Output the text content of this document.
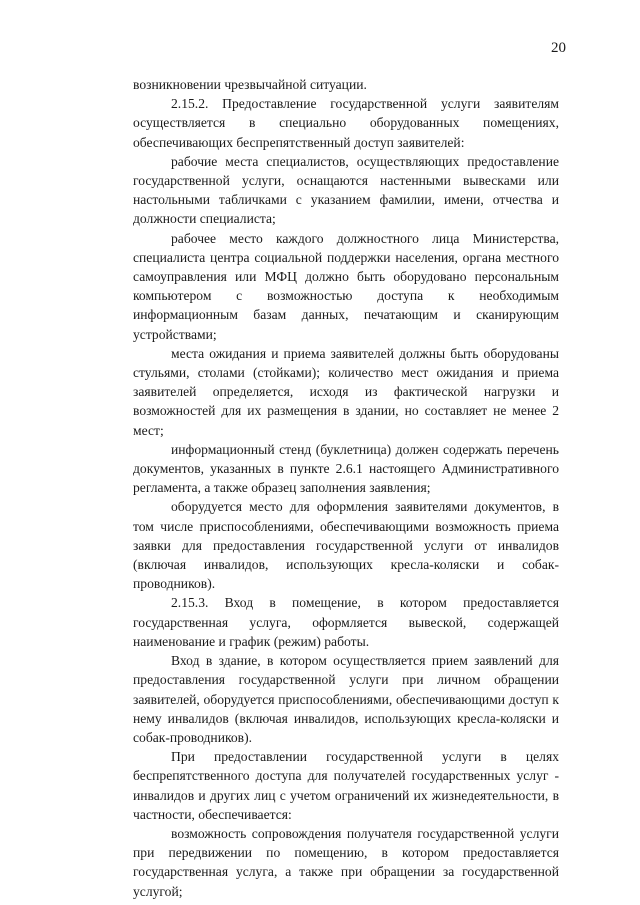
20

возникновении чрезвычайной ситуации.

2.15.2. Предоставление государственной услуги заявителям осуществляется в специально оборудованных помещениях, обеспечивающих беспрепятственный доступ заявителей:

рабочие места специалистов, осуществляющих предоставление государственной услуги, оснащаются настенными вывесками или настольными табличками с указанием фамилии, имени, отчества и должности специалиста;

рабочее место каждого должностного лица Министерства, специалиста центра социальной поддержки населения, органа местного самоуправления или МФЦ должно быть оборудовано персональным компьютером с возможностью доступа к необходимым информационным базам данных, печатающим и сканирующим устройствами;

места ожидания и приема заявителей должны быть оборудованы стульями, столами (стойками); количество мест ожидания и приема заявителей определяется, исходя из фактической нагрузки и возможностей для их размещения в здании, но составляет не менее 2 мест;

информационный стенд (буклетница) должен содержать перечень документов, указанных в пункте 2.6.1 настоящего Административного регламента, а также образец заполнения заявления;

оборудуется место для оформления заявителями документов, в том числе приспособлениями, обеспечивающими возможность приема заявки для предоставления государственной услуги от инвалидов (включая инвалидов, использующих кресла-коляски и собак-проводников).

2.15.3. Вход в помещение, в котором предоставляется государственная услуга, оформляется вывеской, содержащей наименование и график (режим) работы.

Вход в здание, в котором осуществляется прием заявлений для предоставления государственной услуги при личном обращении заявителей, оборудуется приспособлениями, обеспечивающими доступ к нему инвалидов (включая инвалидов, использующих кресла-коляски и собак-проводников).

При предоставлении государственной услуги в целях беспрепятственного доступа для получателей государственных услуг - инвалидов и других лиц с учетом ограничений их жизнедеятельности, в частности, обеспечивается:

возможность сопровождения получателя государственной услуги при передвижении по помещению, в котором предоставляется государственная услуга, а также при обращении за государственной услугой;
